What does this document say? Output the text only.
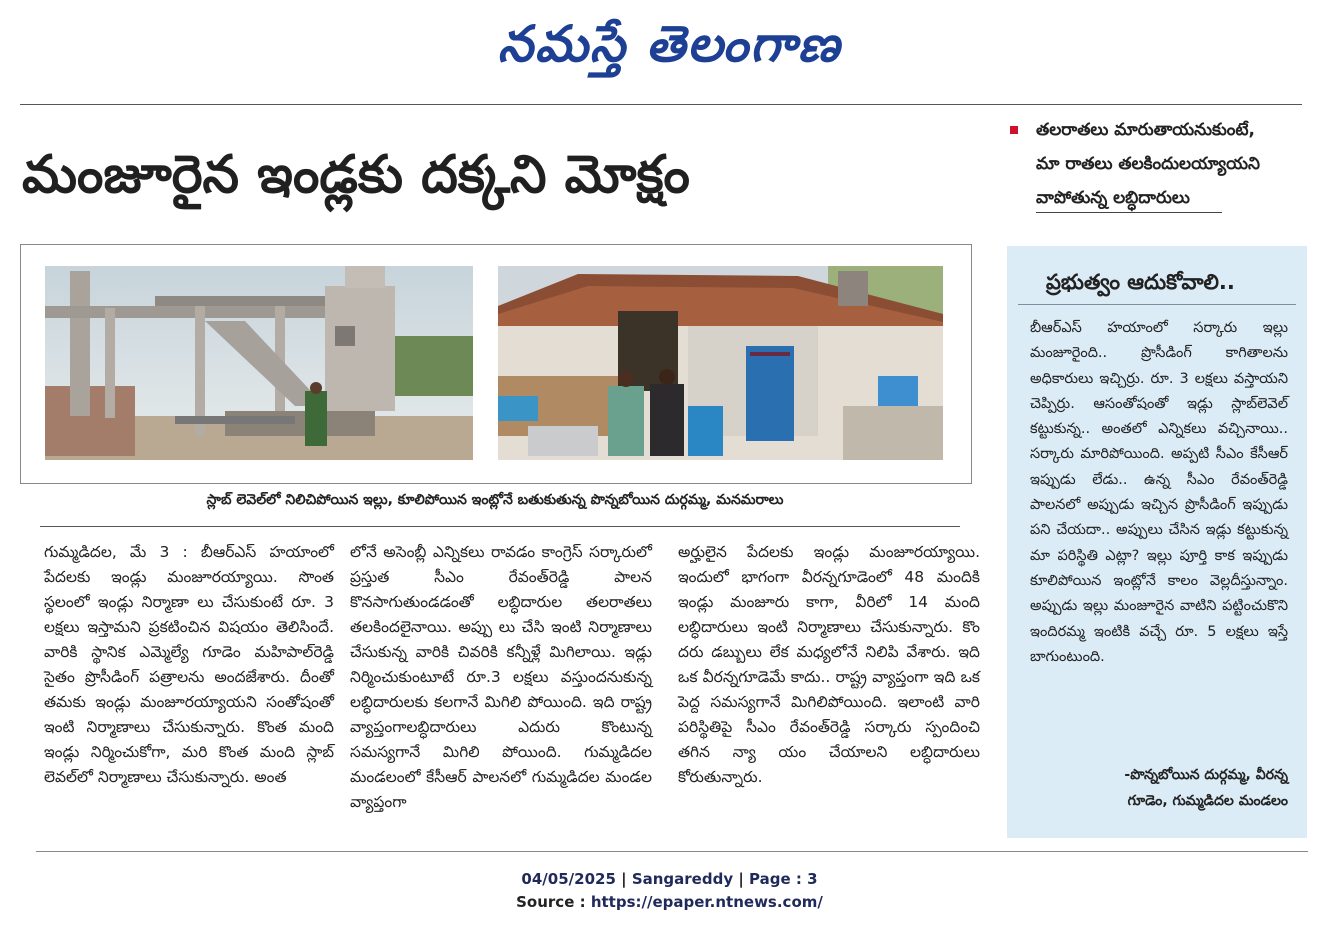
నమస్తే తెలంగాణ
మంజూరైన ఇండ్లకు దక్కని మోక్షం
తలరాతలు మారుతాయనుకుంటే,
మా రాతలు తలకిందులయ్యాయని
వాపోతున్న లబ్ధిదారులు
స్లాబ్‌ లెవెల్‌లో నిలిచిపోయిన ఇల్లు, కూలిపోయిన ఇంట్లోనే బతుకుతున్న పొన్నబోయిన దుర్గమ్మ, మనమరాలు

గుమ్మడిదల, మే 3 : బీఆర్‌ఎస్‌ హయాంలో పేదలకు ఇండ్లు మంజూరయ్యాయి. సొంత స్థలంలో ఇండ్లు నిర్మాణా లు చేసుకుంటే రూ. 3 లక్షలు ఇస్తామని ప్రకటించిన విషయం తెలిసిందే. వారికి స్థానిక ఎమ్మెల్యే గూడెం మహిపాల్‌రెడ్డి సైతం ప్రొసీడింగ్‌ పత్రాలను అందజేశారు. దీంతో తమకు ఇండ్లు మంజూరయ్యాయని సంతోషంతో ఇంటి నిర్మాణాలు చేసుకున్నారు. కొంత మంది ఇండ్లు నిర్మించుకోగా, మరి కొంత మంది స్లాబ్‌ లెవల్‌లో నిర్మాణాలు చేసుకున్నారు. అంత

లోనే అసెంబ్లీ ఎన్నికలు రావడం కాంగ్రెస్‌ సర్కారులో ప్రస్తుత సీఎం రేవంత్‌రెడ్డి పాలన కొనసాగుతుండడంతో లబ్ధిదారుల తలరాతలు తలకిందలైనాయి. అప్పు లు చేసి ఇంటి నిర్మాణాలు చేసుకున్న వారికి చివరికి కన్నీళ్లే మిగిలాయి. ఇడ్లు నిర్మించుకుంటూటే రూ.3 లక్షలు వస్తుందనుకున్న లబ్ధిదారులకు కలగానే మిగిలి పోయింది. ఇది రాష్ట్ర వ్యాప్తంగాలబ్ధిదారులు ఎదురు కొంటున్న సమస్యగానే మిగిలి పోయింది. గుమ్మడిదల మండలంలో కేసీఆర్‌ పాలనలో గుమ్మడిదల మండల వ్యాప్తంగా

అర్హులైన పేదలకు ఇండ్లు మంజూరయ్యాయి. ఇందులో భాగంగా వీరన్నగూడెంలో 48 మందికి ఇండ్లు మంజూరు కాగా, వీరిలో 14 మంది లబ్ధిదారులు ఇంటి నిర్మాణాలు చేసుకున్నారు. కొం దరు డబ్బులు లేక మధ్యలోనే నిలిపి వేశారు. ఇది ఒక వీరన్నగూడెమే కాదు.. రాష్ట్ర వ్యాప్తంగా ఇది ఒక పెద్ద సమస్యగానే మిగిలిపోయింది. ఇలాంటి వారి పరిస్థితిపై సీఎం రేవంత్‌రెడ్డి సర్కారు స్పందించి తగిన న్యా యం చేయాలని లబ్ధిదారులు కోరుతున్నారు.

ప్రభుత్వం ఆదుకోవాలి..

బీఆర్‌ఎస్‌ హయాంలో సర్కారు ఇల్లు మంజూరైంది.. ప్రొసీడింగ్‌ కాగితాలను అధికారులు ఇచ్చిర్రు. రూ. 3 లక్షలు వస్తాయని చెప్పిర్రు. ఆసంతోషంతో ఇడ్లు స్లాబ్‌లెవెల్‌ కట్టుకున్న.. అంతలో ఎన్నికలు వచ్చినాయి.. సర్కారు మారిపోయింది. అప్పటి సీఎం కేసీఆర్‌ ఇప్పుడు లేడు.. ఉన్న సీఎం రేవంత్‌రెడ్డి పాలనలో అప్పుడు ఇచ్చిన ప్రొసీడింగ్‌ ఇప్పుడు పని చేయదా.. అప్పులు చేసిన ఇడ్లు కట్టుకున్న మా పరిస్థితి ఎట్లా? ఇల్లు పూర్తి కాక ఇప్పుడు కూలిపోయిన ఇంట్లోనే కాలం వెల్లదీస్తున్నాం. అప్పుడు ఇల్లు మంజూరైన వాటిని పట్టించుకొని ఇందిరమ్మ ఇంటికి వచ్చే రూ. 5 లక్షలు ఇస్తే బాగుంటుంది.

-పొన్నబోయిన దుర్గమ్మ, వీరన్న
గూడెం, గుమ్మడిదల మండలం
04/05/2025 | Sangareddy | Page : 3
Source : https://epaper.ntnews.com/
